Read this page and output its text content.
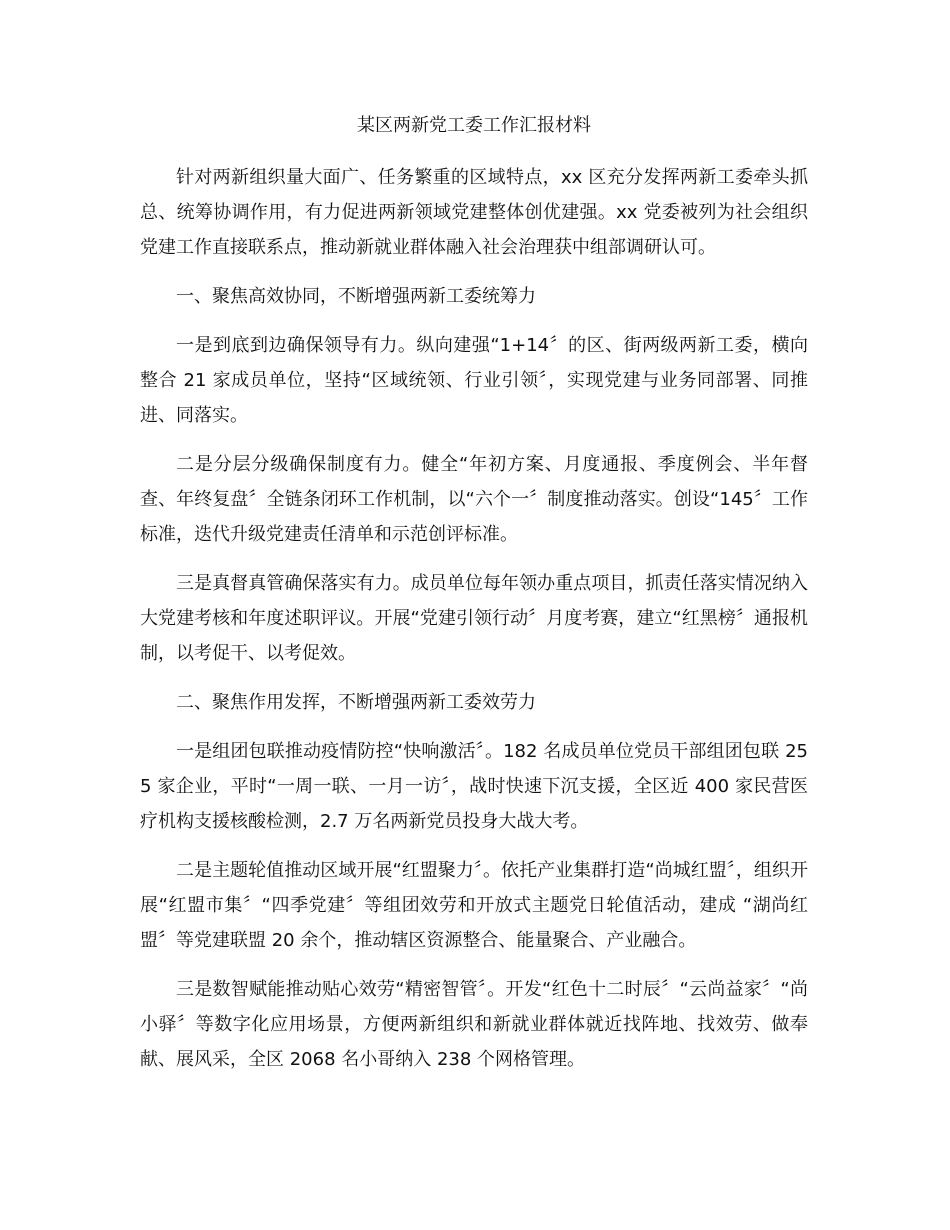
某区两新党工委工作汇报材料

针对两新组织量大面广、任务繁重的区域特点，xx 区充分发挥两新工委牵头抓总、统筹协调作用，有力促进两新领域党建整体创优建强。xx 党委被列为社会组织党建工作直接联系点，推动新就业群体融入社会治理获中组部调研认可。

一、聚焦高效协同，不断增强两新工委统筹力

一是到底到边确保领导有力。纵向建强“1+14〞的区、街两级两新工委，横向整合 21 家成员单位，坚持“区域统领、行业引领〞，实现党建与业务同部署、同推进、同落实。

二是分层分级确保制度有力。健全“年初方案、月度通报、季度例会、半年督查、年终复盘〞全链条闭环工作机制，以“六个一〞制度推动落实。创设“145〞工作标准，迭代升级党建责任清单和示范创评标准。

三是真督真管确保落实有力。成员单位每年领办重点项目，抓责任落实情况纳入大党建考核和年度述职评议。开展“党建引领行动〞月度考赛，建立“红黑榜〞通报机制，以考促干、以考促效。

二、聚焦作用发挥，不断增强两新工委效劳力

一是组团包联推动疫情防控“快响激活〞。182 名成员单位党员干部组团包联 255 家企业，平时“一周一联、一月一访〞，战时快速下沉支援，全区近 400 家民营医疗机构支援核酸检测，2.7 万名两新党员投身大战大考。

二是主题轮值推动区域开展“红盟聚力〞。依托产业集群打造“尚城红盟〞，组织开展“红盟市集〞“四季党建〞等组团效劳和开放式主题党日轮值活动，建成 “湖尚红盟〞等党建联盟 20 余个，推动辖区资源整合、能量聚合、产业融合。

三是数智赋能推动贴心效劳“精密智管〞。开发“红色十二时辰〞“云尚益家〞“尚小驿〞等数字化应用场景，方便两新组织和新就业群体就近找阵地、找效劳、做奉献、展风采，全区 2068 名小哥纳入 238 个网格管理。
